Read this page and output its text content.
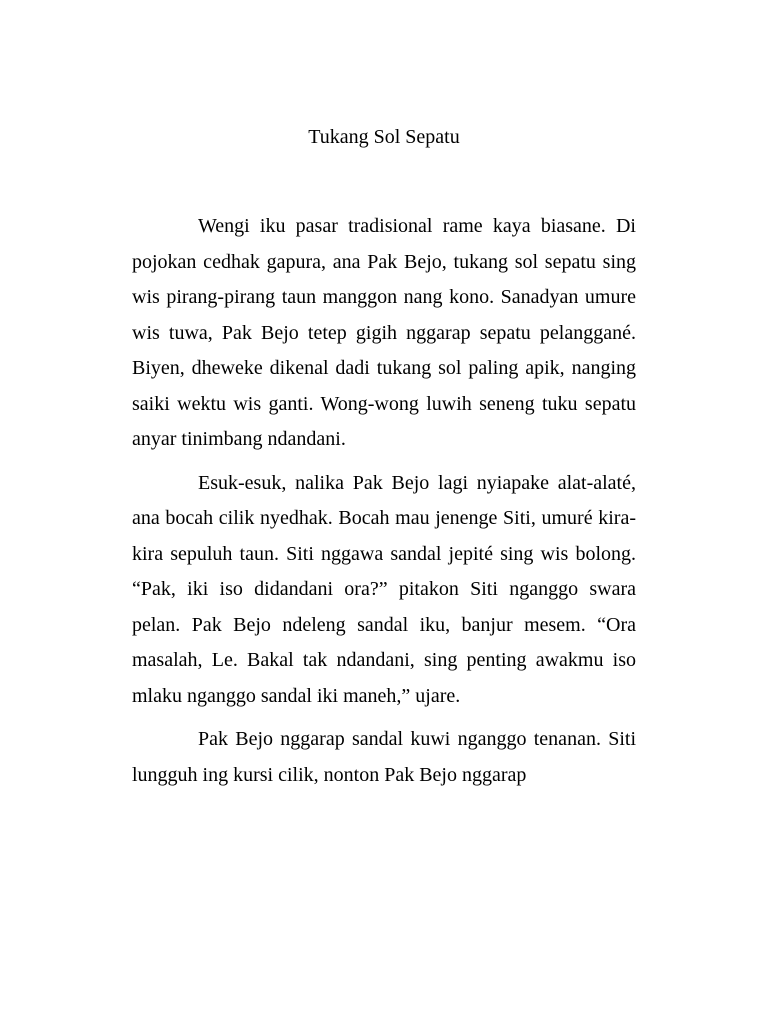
Tukang Sol Sepatu

Wengi iku pasar tradisional rame kaya biasane. Di pojokan cedhak gapura, ana Pak Bejo, tukang sol sepatu sing wis pirang-pirang taun manggon nang kono. Sanadyan umure wis tuwa, Pak Bejo tetep gigih nggarap sepatu pelanggané. Biyen, dheweke dikenal dadi tukang sol paling apik, nanging saiki wektu wis ganti. Wong-wong luwih seneng tuku sepatu anyar tinimbang ndandani.

Esuk-esuk, nalika Pak Bejo lagi nyiapake alat-alaté, ana bocah cilik nyedhak. Bocah mau jenenge Siti, umuré kira-kira sepuluh taun. Siti nggawa sandal jepité sing wis bolong. “Pak, iki iso didandani ora?” pitakon Siti nganggo swara pelan. Pak Bejo ndeleng sandal iku, banjur mesem. “Ora masalah, Le. Bakal tak ndandani, sing penting awakmu iso mlaku nganggo sandal iki maneh,” ujare.

Pak Bejo nggarap sandal kuwi nganggo tenanan. Siti lungguh ing kursi cilik, nonton Pak Bejo nggarap
